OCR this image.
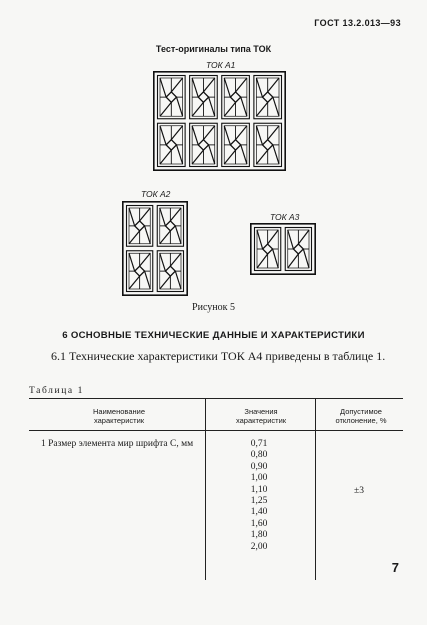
ГОСТ 13.2.013—93
Тест-оригиналы типа ТОК
ТОК А1
ТОК А2
ТОК А3
Рисунок 5
6 ОСНОВНЫЕ ТЕХНИЧЕСКИЕ ДАННЫЕ И ХАРАКТЕРИСТИКИ
6.1 Технические характеристики ТОК А4 приведены в таблице 1.
Таблица 1
Наименование характеристик
Значения характеристик
Допустимое отклонение, %
1 Размер элемента мир шрифта С, мм	0,71
0,80
0,90
1,00
1,10
1,25
1,40
1,60
1,80
2,00
±3
7
